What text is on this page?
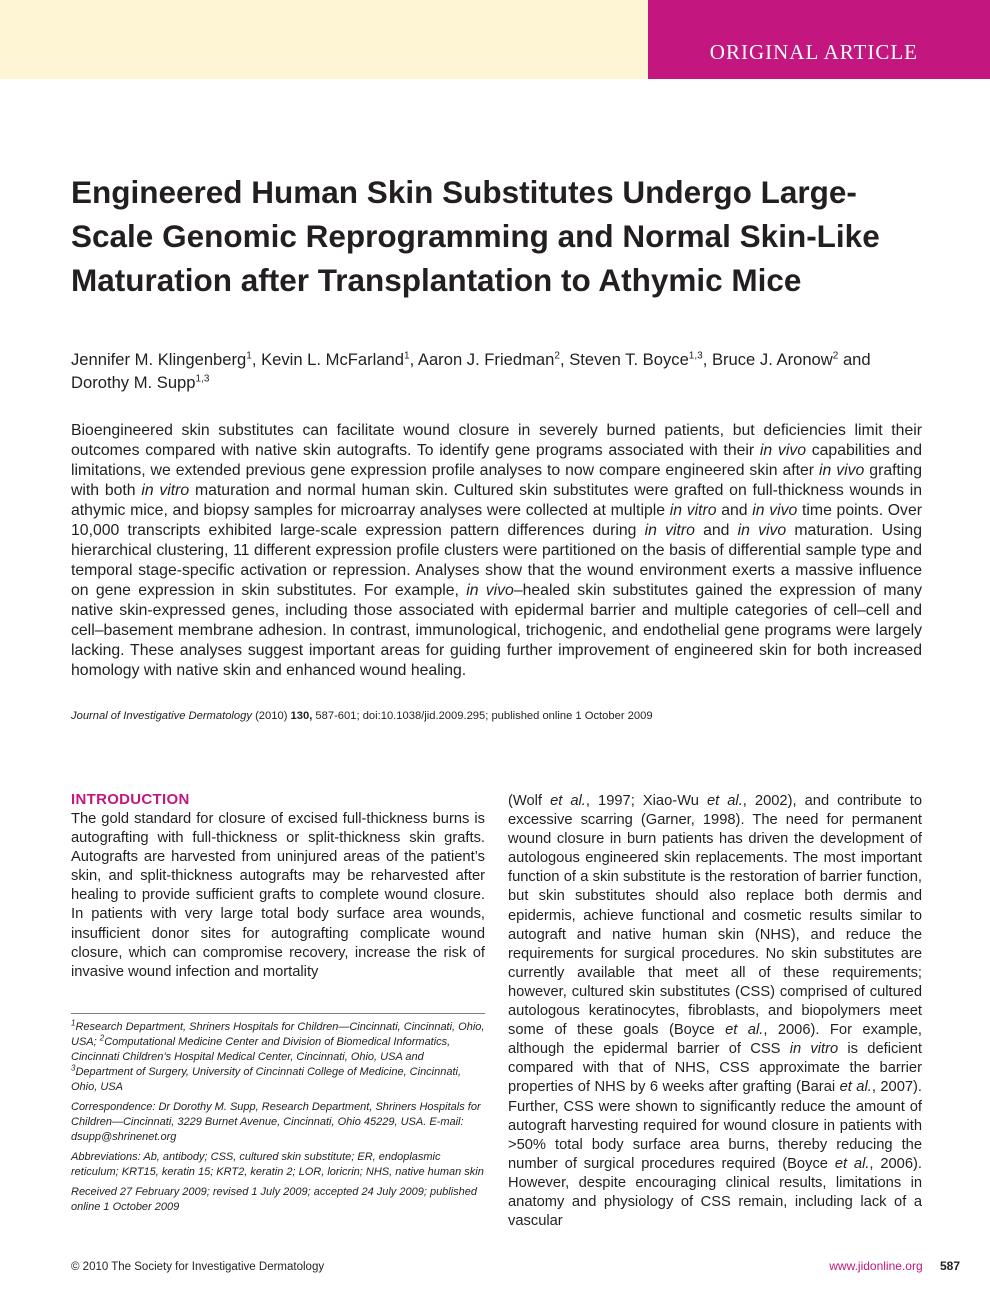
ORIGINAL ARTICLE
Engineered Human Skin Substitutes Undergo Large-Scale Genomic Reprogramming and Normal Skin-Like Maturation after Transplantation to Athymic Mice
Jennifer M. Klingenberg$^1$, Kevin L. McFarland$^1$, Aaron J. Friedman$^2$, Steven T. Boyce$^{1,3}$, Bruce J. Aronow$^2$ and Dorothy M. Supp$^{1,3}$

Bioengineered skin substitutes can facilitate wound closure in severely burned patients, but deficiencies limit their outcomes compared with native skin autografts. To identify gene programs associated with their in vivo capabilities and limitations, we extended previous gene expression profile analyses to now compare engineered skin after in vivo grafting with both in vitro maturation and normal human skin. Cultured skin substitutes were grafted on full-thickness wounds in athymic mice, and biopsy samples for microarray analyses were collected at multiple in vitro and in vivo time points. Over 10,000 transcripts exhibited large-scale expression pattern differences during in vitro and in vivo maturation. Using hierarchical clustering, 11 different expression profile clusters were partitioned on the basis of differential sample type and temporal stage-specific activation or repression. Analyses show that the wound environment exerts a massive influence on gene expression in skin substitutes. For example, in vivo–healed skin substitutes gained the expression of many native skin-expressed genes, including those associated with epidermal barrier and multiple categories of cell–cell and cell–basement membrane adhesion. In contrast, immunological, trichogenic, and endothelial gene programs were largely lacking. These analyses suggest important areas for guiding further improvement of engineered skin for both increased homology with native skin and enhanced wound healing.

Journal of Investigative Dermatology (2010) 130, 587-601; doi:10.1038/jid.2009.295; published online 1 October 2009
INTRODUCTION

The gold standard for closure of excised full-thickness burns is autografting with full-thickness or split-thickness skin grafts. Autografts are harvested from uninjured areas of the patient’s skin, and split-thickness autografts may be reharvested after healing to provide sufficient grafts to complete wound closure. In patients with very large total body surface area wounds, insufficient donor sites for autografting complicate wound closure, which can compromise recovery, increase the risk of invasive wound infection and mortality

$^1$Research Department, Shriners Hospitals for Children—Cincinnati, Cincinnati, Ohio, USA; $^2$Computational Medicine Center and Division of Biomedical Informatics, Cincinnati Children’s Hospital Medical Center, Cincinnati, Ohio, USA and $^3$Department of Surgery, University of Cincinnati College of Medicine, Cincinnati, Ohio, USA

Correspondence: Dr Dorothy M. Supp, Research Department, Shriners Hospitals for Children—Cincinnati, 3229 Burnet Avenue, Cincinnati, Ohio 45229, USA. E-mail: dsupp@shrinenet.org

Abbreviations: Ab, antibody; CSS, cultured skin substitute; ER, endoplasmic reticulum; KRT15, keratin 15; KRT2, keratin 2; LOR, loricrin; NHS, native human skin

Received 27 February 2009; revised 1 July 2009; accepted 24 July 2009; published online 1 October 2009

(Wolf et al., 1997; Xiao-Wu et al., 2002), and contribute to excessive scarring (Garner, 1998). The need for permanent wound closure in burn patients has driven the development of autologous engineered skin replacements. The most important function of a skin substitute is the restoration of barrier function, but skin substitutes should also replace both dermis and epidermis, achieve functional and cosmetic results similar to autograft and native human skin (NHS), and reduce the requirements for surgical procedures. No skin substitutes are currently available that meet all of these requirements; however, cultured skin substitutes (CSS) comprised of cultured autologous keratinocytes, fibroblasts, and biopolymers meet some of these goals (Boyce et al., 2006). For example, although the epidermal barrier of CSS in vitro is deficient compared with that of NHS, CSS approximate the barrier properties of NHS by 6 weeks after grafting (Barai et al., 2007). Further, CSS were shown to significantly reduce the amount of autograft harvesting required for wound closure in patients with >50% total body surface area burns, thereby reducing the number of surgical procedures required (Boyce et al., 2006). However, despite encouraging clinical results, limitations in anatomy and physiology of CSS remain, including lack of a vascular

© 2010 The Society for Investigative Dermatology	www.jidonline.org 587
